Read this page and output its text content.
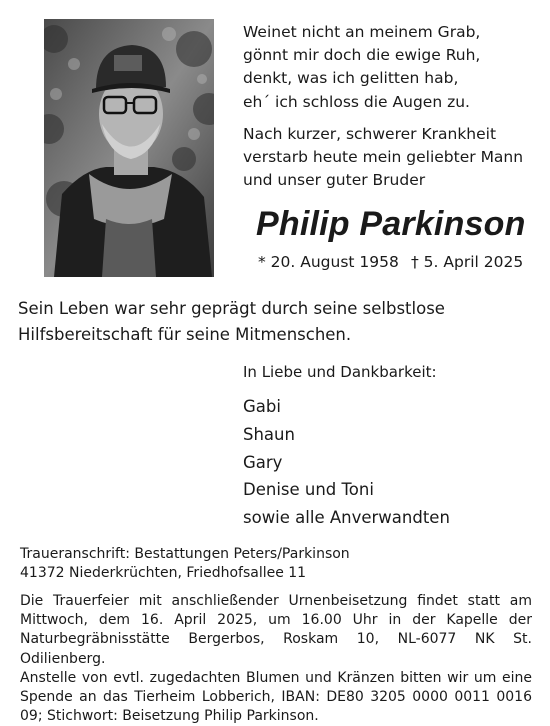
Weinet nicht an meinem Grab,
gönnt mir doch die ewige Ruh,
denkt, was ich gelitten hab,
eh´ ich schloss die Augen zu.
Nach kurzer, schwerer Krankheit
verstarb heute mein geliebter Mann
und unser guter Bruder
Philip Parkinson
* 20. August 1958 † 5. April 2025
Sein Leben war sehr geprägt durch seine selbstlose
Hilfsbereitschaft für seine Mitmenschen.
In Liebe und Dankbarkeit:
Gabi
Shaun
Gary
Denise und Toni
sowie alle Anverwandten
Traueranschrift: Bestattungen Peters/Parkinson
41372 Niederkrüchten, Friedhofsallee 11

Die Trauerfeier mit anschließender Urnenbeisetzung findet statt am Mittwoch, dem 16. April 2025, um 16.00 Uhr in der Kapelle der Naturbegräbnisstätte Bergerbos, Roskam 10, NL-6077 NK St. Odilienberg.

Anstelle von evtl. zugedachten Blumen und Kränzen bitten wir um eine Spende an das Tierheim Lobberich, IBAN: DE80 3205 0000 0011 0016 09; Stichwort: Beisetzung Philip Parkinson.
